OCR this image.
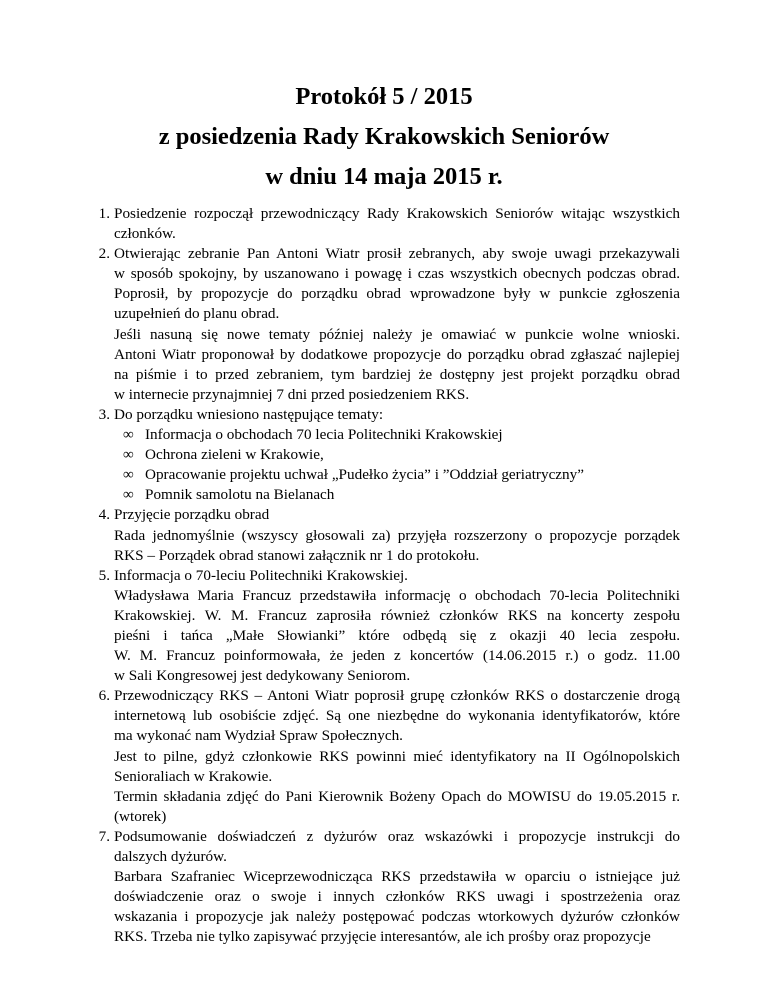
Protokół 5 / 2015
z posiedzenia Rady Krakowskich Seniorów
w dniu 14 maja 2015 r.
1. Posiedzenie rozpoczął przewodniczący Rady Krakowskich Seniorów witając wszystkich
członków.
2. Otwierając zebranie Pan Antoni Wiatr prosił zebranych, aby swoje uwagi przekazywali
w sposób spokojny, by uszanowano i powagę i czas wszystkich obecnych podczas obrad.
Poprosił, by propozycje do porządku obrad wprowadzone były w punkcie zgłoszenia
uzupełnień do planu obrad.
Jeśli nasuną się nowe tematy później należy je omawiać w punkcie wolne wnioski.
Antoni Wiatr proponował by dodatkowe propozycje do porządku obrad zgłaszać najlepiej
na piśmie i to przed zebraniem, tym bardziej że dostępny jest projekt porządku obrad
w internecie przynajmniej 7 dni przed posiedzeniem RKS.
3. Do porządku wniesiono następujące tematy:
∞ Informacja o obchodach 70 lecia Politechniki Krakowskiej
∞ Ochrona zieleni w Krakowie,
∞ Opracowanie projektu uchwał „Pudełko życia” i ”Oddział geriatryczny”
∞ Pomnik samolotu na Bielanach
4. Przyjęcie porządku obrad
Rada jednomyślnie (wszyscy głosowali za) przyjęła rozszerzony o propozycje porządek
RKS – Porządek obrad stanowi załącznik nr 1 do protokołu.
5. Informacja o 70-leciu Politechniki Krakowskiej.
Władysława Maria Francuz przedstawiła informację o obchodach 70-lecia Politechniki
Krakowskiej. W. M. Francuz zaprosiła również członków RKS na koncerty zespołu
pieśni i tańca „Małe Słowianki” które odbędą się z okazji 40 lecia zespołu.
W. M. Francuz poinformowała, że jeden z koncertów (14.06.2015 r.) o godz. 11.00
w Sali Kongresowej jest dedykowany Seniorom.
6. Przewodniczący RKS – Antoni Wiatr poprosił grupę członków RKS o dostarczenie drogą
internetową lub osobiście zdjęć. Są one niezbędne do wykonania identyfikatorów, które
ma wykonać nam Wydział Spraw Społecznych.
Jest to pilne, gdyż członkowie RKS powinni mieć identyfikatory na II Ogólnopolskich
Senioraliach w Krakowie.
Termin składania zdjęć do Pani Kierownik Bożeny Opach do MOWISU do 19.05.2015 r.
(wtorek)
7. Podsumowanie doświadczeń z dyżurów oraz wskazówki i propozycje instrukcji do
dalszych dyżurów.
Barbara Szafraniec Wiceprzewodnicząca RKS przedstawiła w oparciu o istniejące już
doświadczenie oraz o swoje i innych członków RKS uwagi i spostrzeżenia oraz
wskazania i propozycje jak należy postępować podczas wtorkowych dyżurów członków
RKS. Trzeba nie tylko zapisywać przyjęcie interesantów, ale ich prośby oraz propozycje
